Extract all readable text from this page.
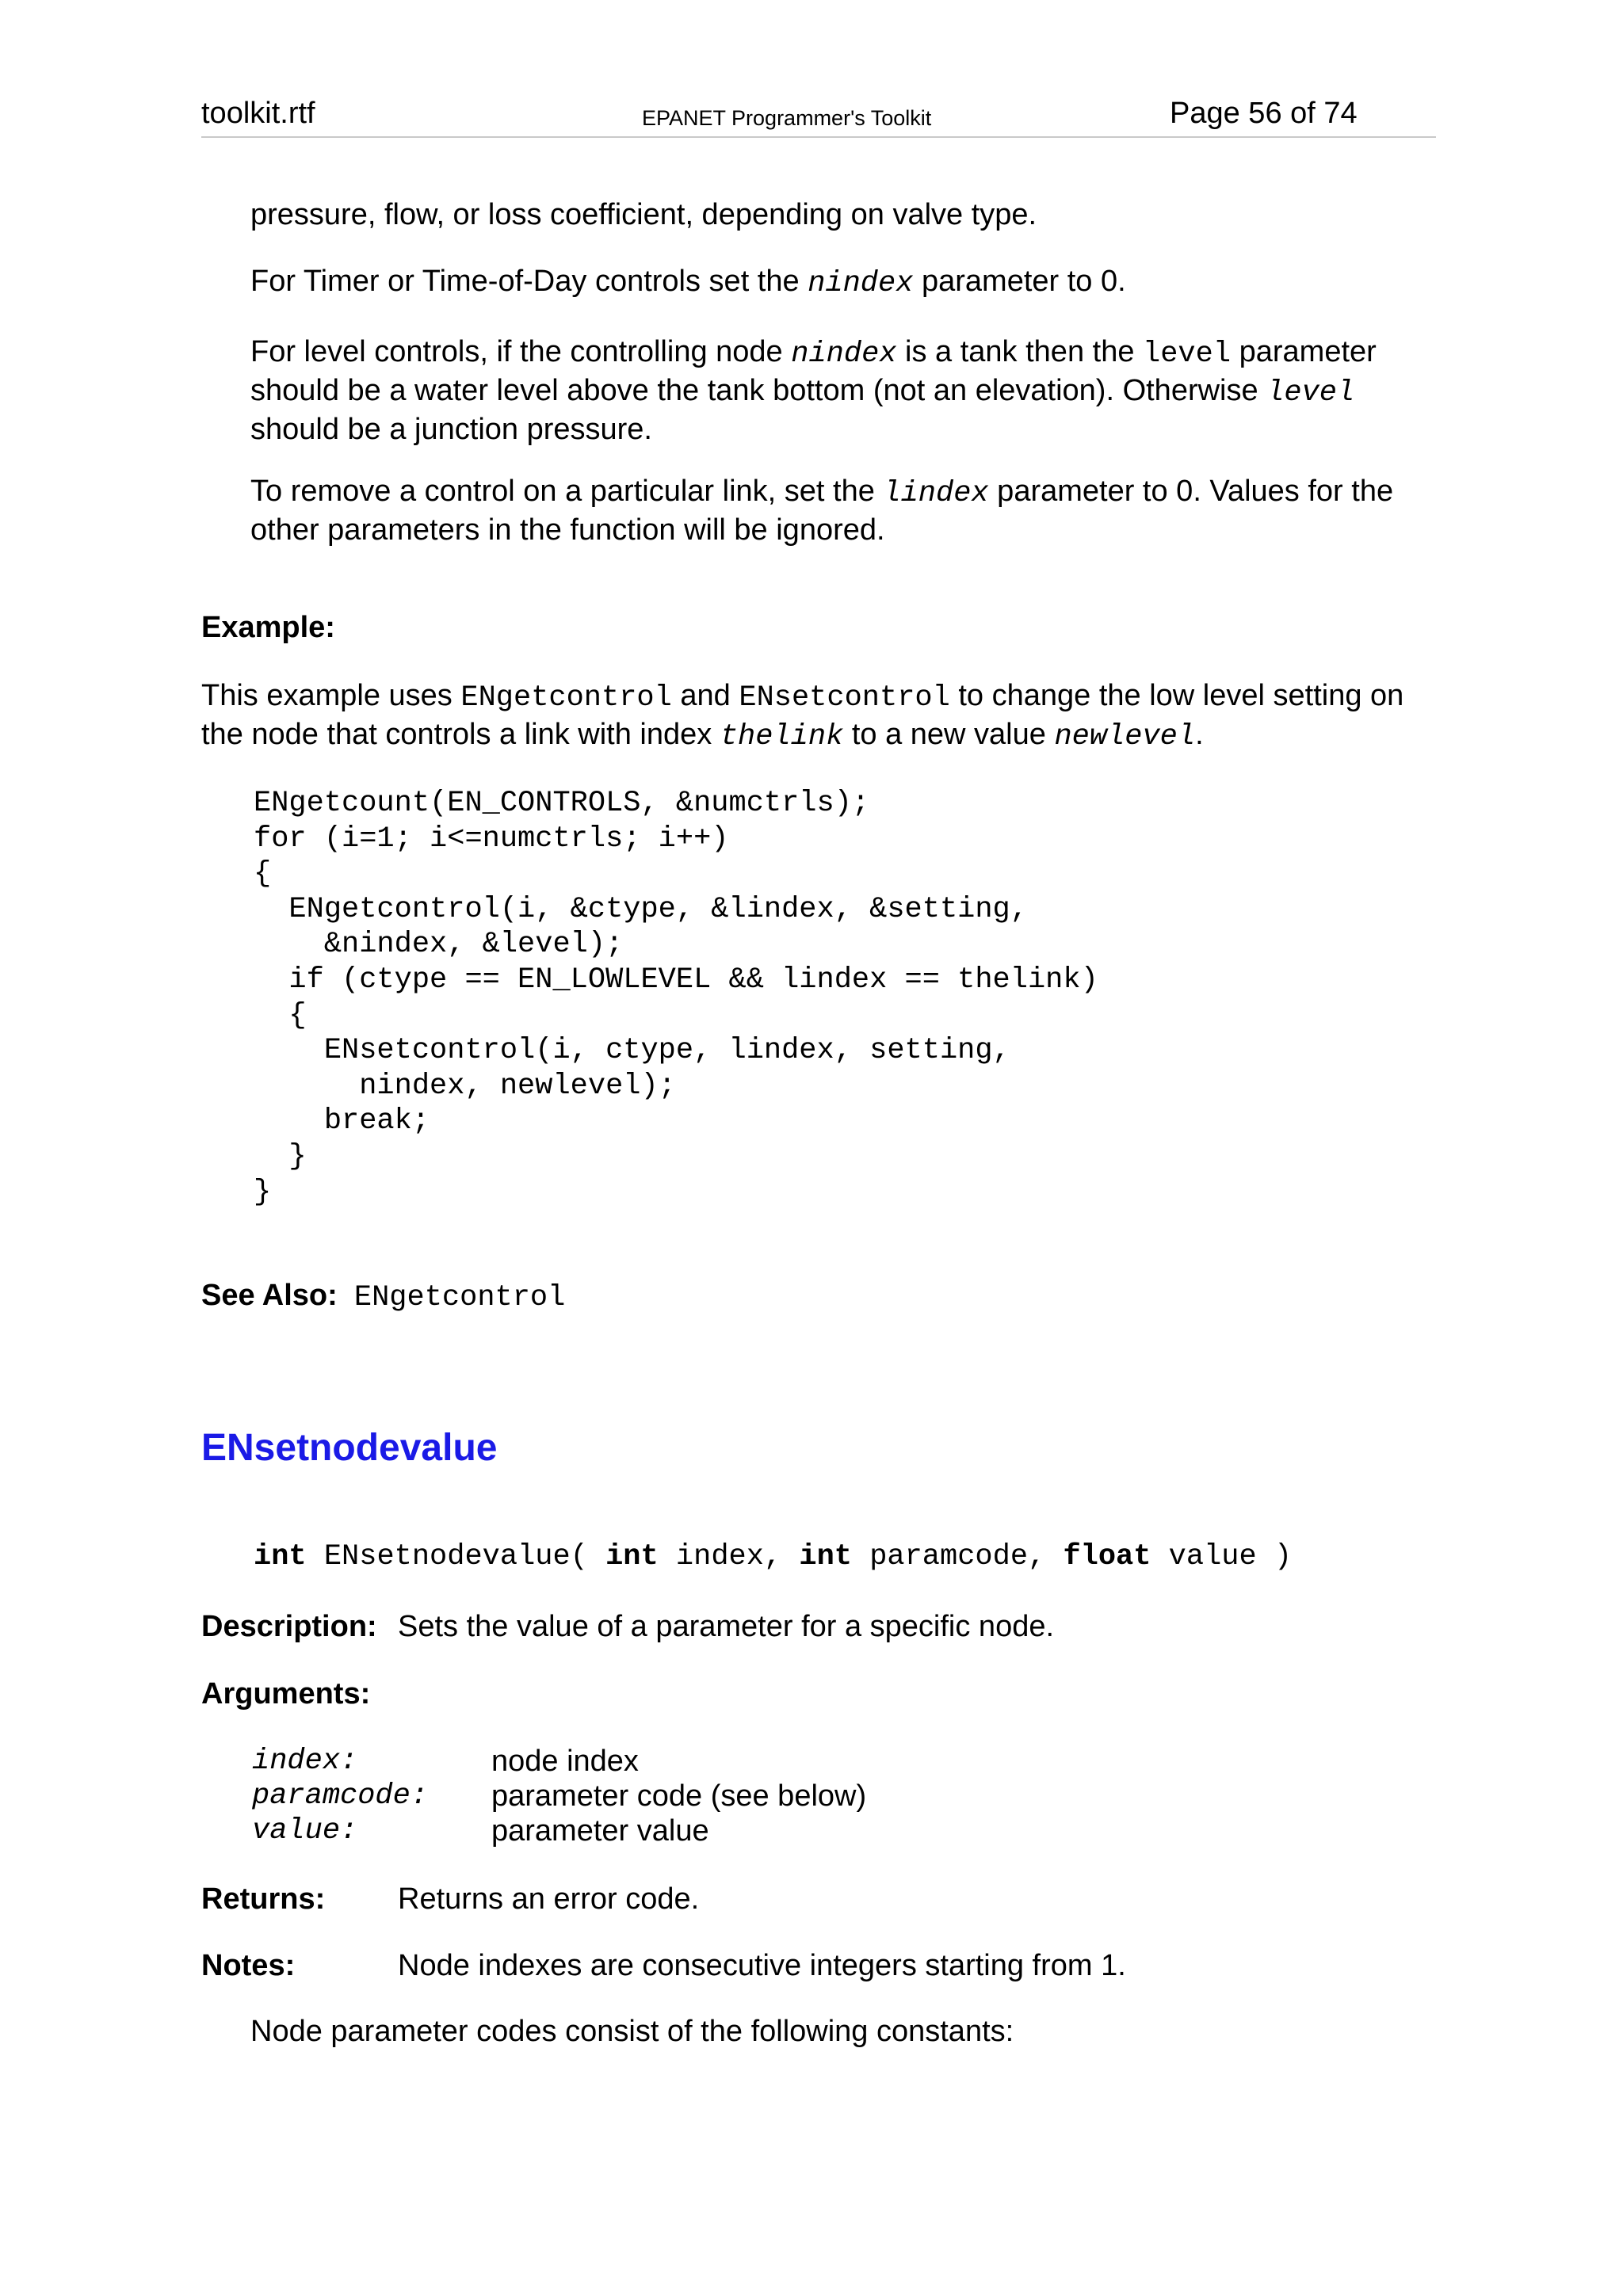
toolkit.rtf	EPANET Programmer's Toolkit	Page 56 of 74
pressure, flow, or loss coefficient, depending on valve type.
For Timer or Time-of-Day controls set the nindex parameter to 0.
For level controls, if the controlling node nindex is a tank then the level parameter
should be a water level above the tank bottom (not an elevation). Otherwise level
should be a junction pressure.
To remove a control on a particular link, set the lindex parameter to 0. Values for the
other parameters in the function will be ignored.
Example:
This example uses ENgetcontrol and ENsetcontrol to change the low level setting on
the node that controls a link with index thelink to a new value newlevel.
ENgetcount(EN_CONTROLS, &numctrls);
for (i=1; i<=numctrls; i++)
{
ENgetcontrol(i, &ctype, &lindex, &setting,
&nindex, &level);
if (ctype == EN_LOWLEVEL && lindex == thelink)
{
ENsetcontrol(i, ctype, lindex, setting,
nindex, newlevel);
break;
}
}
See Also: ENgetcontrol
ENsetnodevalue
int ENsetnodevalue( int index, int paramcode, float value )
Description: Sets the value of a parameter for a specific node.
Arguments:
index:	node index
paramcode: parameter code (see below)
value:	parameter value
Returns: Returns an error code.
Notes:	Node indexes are consecutive integers starting from 1.
Node parameter codes consist of the following constants:
